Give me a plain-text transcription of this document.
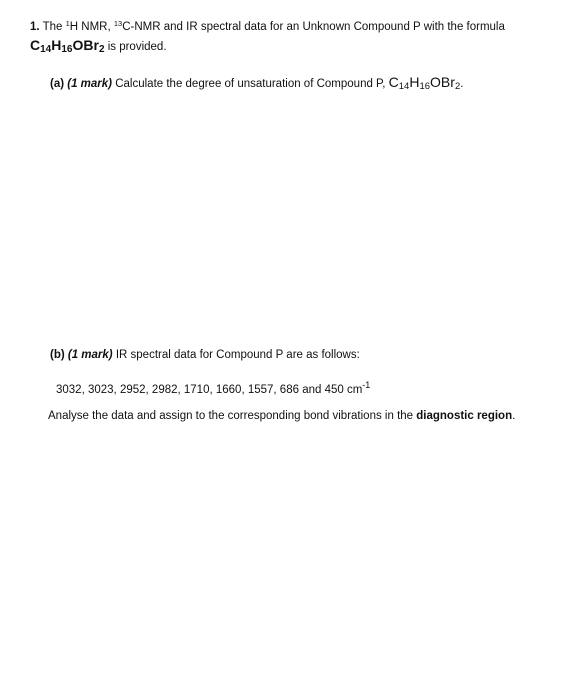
1. The $^1$H NMR, $^{13}$C-NMR and IR spectral data for an Unknown Compound P with the formula
$C_{14}H_{16}OBr_2$ is provided.
(a) (1 mark) Calculate the degree of unsaturation of Compound P, $C_{14}H_{16}OBr_2$.
(b) (1 mark) IR spectral data for Compound P are as follows:
3032, 3023, 2952, 2982, 1710, 1660, 1557, 686 and 450 $cm^{-1}$
Analyse the data and assign to the corresponding bond vibrations in the diagnostic region.
